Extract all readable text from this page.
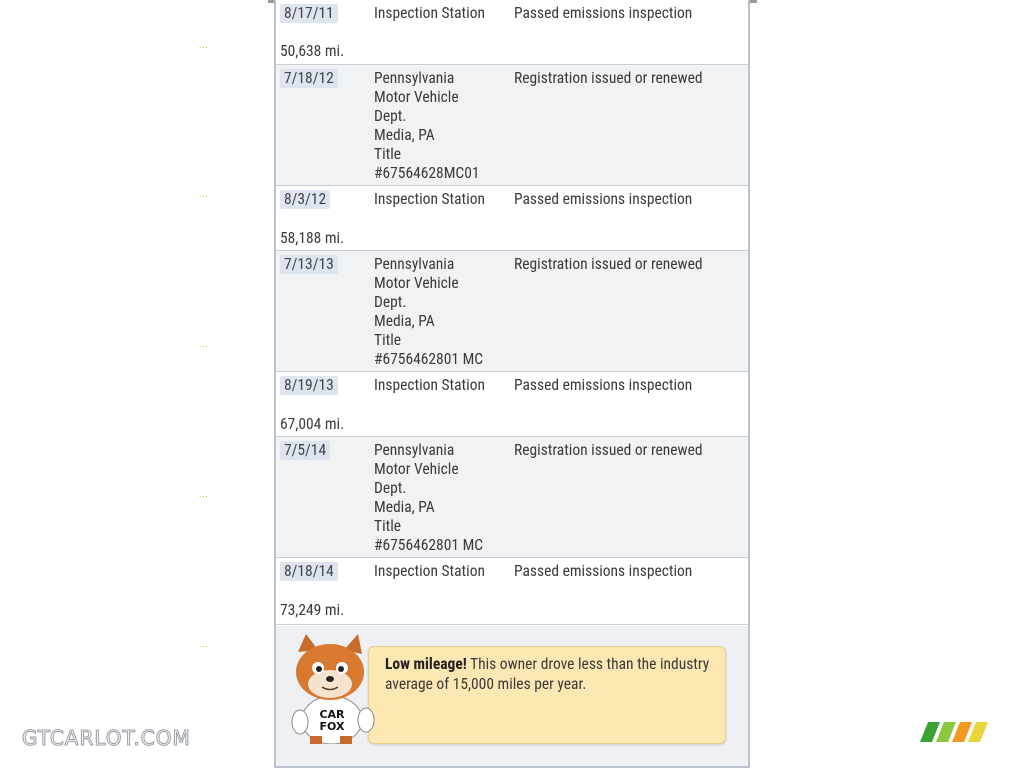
8/17/11	Inspection Station Passed emissions inspection
50,638 mi.
7/18/12	Pennsylvania
Motor Vehicle
Dept.
Media, PA
Title
#67564628MC01
Registration issued or renewed
8/3/12	Inspection Station Passed emissions inspection
58,188 mi.
7/13/13	Pennsylvania
Motor Vehicle
Dept.
Media, PA
Title
#6756462801 MC
Registration issued or renewed
8/19/13	Inspection Station Passed emissions inspection
67,004 mi.
7/5/14	Pennsylvania
Motor Vehicle
Dept.
Media, PA
Title
#6756462801 MC
Registration issued or renewed
8/18/14	Inspection Station Passed emissions inspection
73,249 mi.
Low mileage! This owner drove less than the industry average of 15,000 miles per year.
CAR
FOX
···
···
···
···
···
GTCARLOT.COM
